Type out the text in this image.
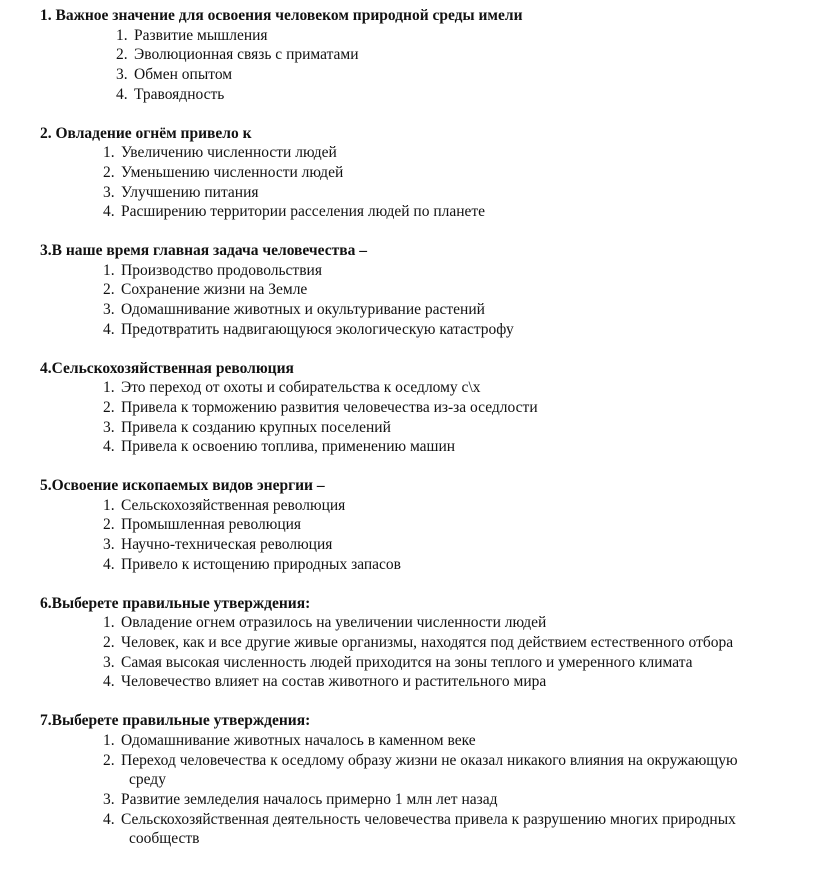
1. Важное значение для освоения человеком природной среды имели
1. Развитие мышления
2. Эволюционная связь с приматами
3. Обмен опытом
4. Травоядность
2. Овладение огнём привело к
1. Увеличению численности людей
2. Уменьшению численности людей
3. Улучшению питания
4. Расширению территории расселения людей по планете
3.В наше время главная задача человечества –
1. Производство продовольствия
2. Сохранение жизни на Земле
3. Одомашнивание животных и окультуривание растений
4. Предотвратить надвигающуюся экологическую катастрофу
4.Сельскохозяйственная революция
1. Это переход от охоты и собирательства к оседлому с\х
2. Привела к торможению развития человечества из-за оседлости
3. Привела к созданию крупных поселений
4. Привела к освоению топлива, применению машин
5.Освоение ископаемых видов энергии –
1. Сельскохозяйственная революция
2. Промышленная революция
3. Научно-техническая революция
4. Привело к истощению природных запасов
6.Выберете правильные утверждения:
1. Овладение огнем отразилось на увеличении численности людей
2. Человек, как и все другие живые организмы, находятся под действием естественного отбора
3. Самая высокая численность людей приходится на зоны теплого и умеренного климата
4. Человечество влияет на состав животного и растительного мира
7.Выберете правильные утверждения:
1. Одомашнивание животных началось в каменном веке
2. Переход человечества к оседлому образу жизни не оказал никакого влияния на окружающую
среду
3. Развитие земледелия началось примерно 1 млн лет назад
4. Сельскохозяйственная деятельность человечества привела к разрушению многих природных
сообществ
